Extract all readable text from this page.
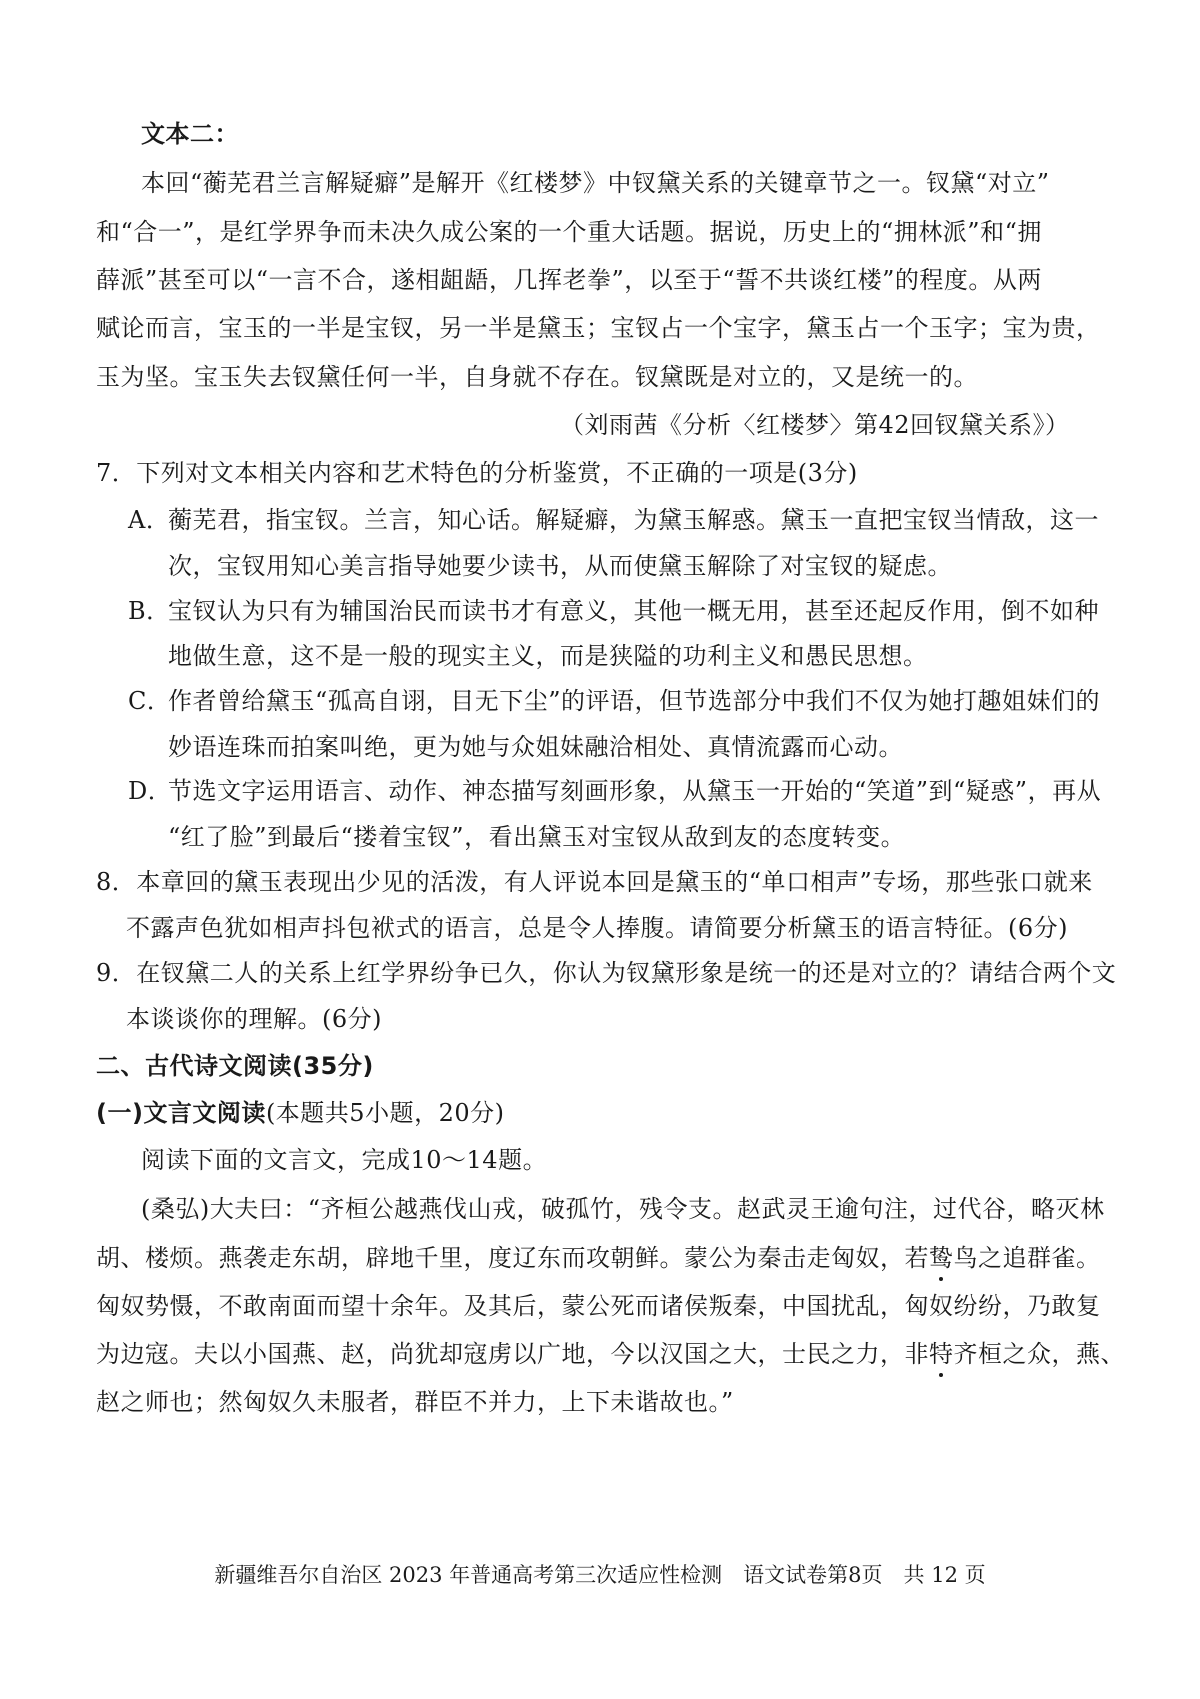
文本二：
本回“蘅芜君兰言解疑癖”是解开《红楼梦》中钗黛关系的关键章节之一。钗黛“对立”
和“合一”，是红学界争而未决久成公案的一个重大话题。据说，历史上的“拥林派”和“拥
薛派”甚至可以“一言不合，遂相龃龉，几挥老拳”，以至于“誓不共谈红楼”的程度。从两
赋论而言，宝玉的一半是宝钗，另一半是黛玉；宝钗占一个宝字，黛玉占一个玉字；宝为贵，
玉为坚。宝玉失去钗黛任何一半，自身就不存在。钗黛既是对立的，又是统一的。
（刘雨茜《分析〈红楼梦〉第42回钗黛关系》）
7．下列对文本相关内容和艺术特色的分析鉴赏，不正确的一项是(3分)
A．
蘅芜君，指宝钗。兰言，知心话。解疑癖，为黛玉解惑。黛玉一直把宝钗当情敌，这一
次，宝钗用知心美言指导她要少读书，从而使黛玉解除了对宝钗的疑虑。
B．
宝钗认为只有为辅国治民而读书才有意义，其他一概无用，甚至还起反作用，倒不如种
地做生意，这不是一般的现实主义，而是狭隘的功利主义和愚民思想。
C．
作者曾给黛玉“孤高自诩，目无下尘”的评语，但节选部分中我们不仅为她打趣姐妹们的
妙语连珠而拍案叫绝，更为她与众姐妹融洽相处、真情流露而心动。
D．
节选文字运用语言、动作、神态描写刻画形象，从黛玉一开始的“笑道”到“疑惑”，再从
“红了脸”到最后“搂着宝钗”，看出黛玉对宝钗从敌到友的态度转变。
8．本章回的黛玉表现出少见的活泼，有人评说本回是黛玉的“单口相声”专场，那些张口就来
不露声色犹如相声抖包袱式的语言，总是令人捧腹。请简要分析黛玉的语言特征。(6分)
9．在钗黛二人的关系上红学界纷争已久，你认为钗黛形象是统一的还是对立的？请结合两个文
本谈谈你的理解。(6分)
二、古代诗文阅读(35分)
(一)文言文阅读(本题共5小题，20分)
阅读下面的文言文，完成10～14题。
(桑弘)大夫曰：“齐桓公越燕伐山戎，破孤竹，残令支。赵武灵王逾句注，过代谷，略灭林
胡、楼烦。燕袭走东胡，辟地千里，度辽东而攻朝鲜。蒙公为秦击走匈奴，若鸷鸟之追群雀。
匈奴势慑，不敢南面而望十余年。及其后，蒙公死而诸侯叛秦，中国扰乱，匈奴纷纷，乃敢复
为边寇。夫以小国燕、赵，尚犹却寇虏以广地，今以汉国之大，士民之力，非特齐桓之众，燕、
赵之师也；然匈奴久未服者，群臣不并力，上下未谐故也。”
新疆维吾尔自治区 2023 年普通高考第三次适应性检测　语文试卷第8页　共 12 页
